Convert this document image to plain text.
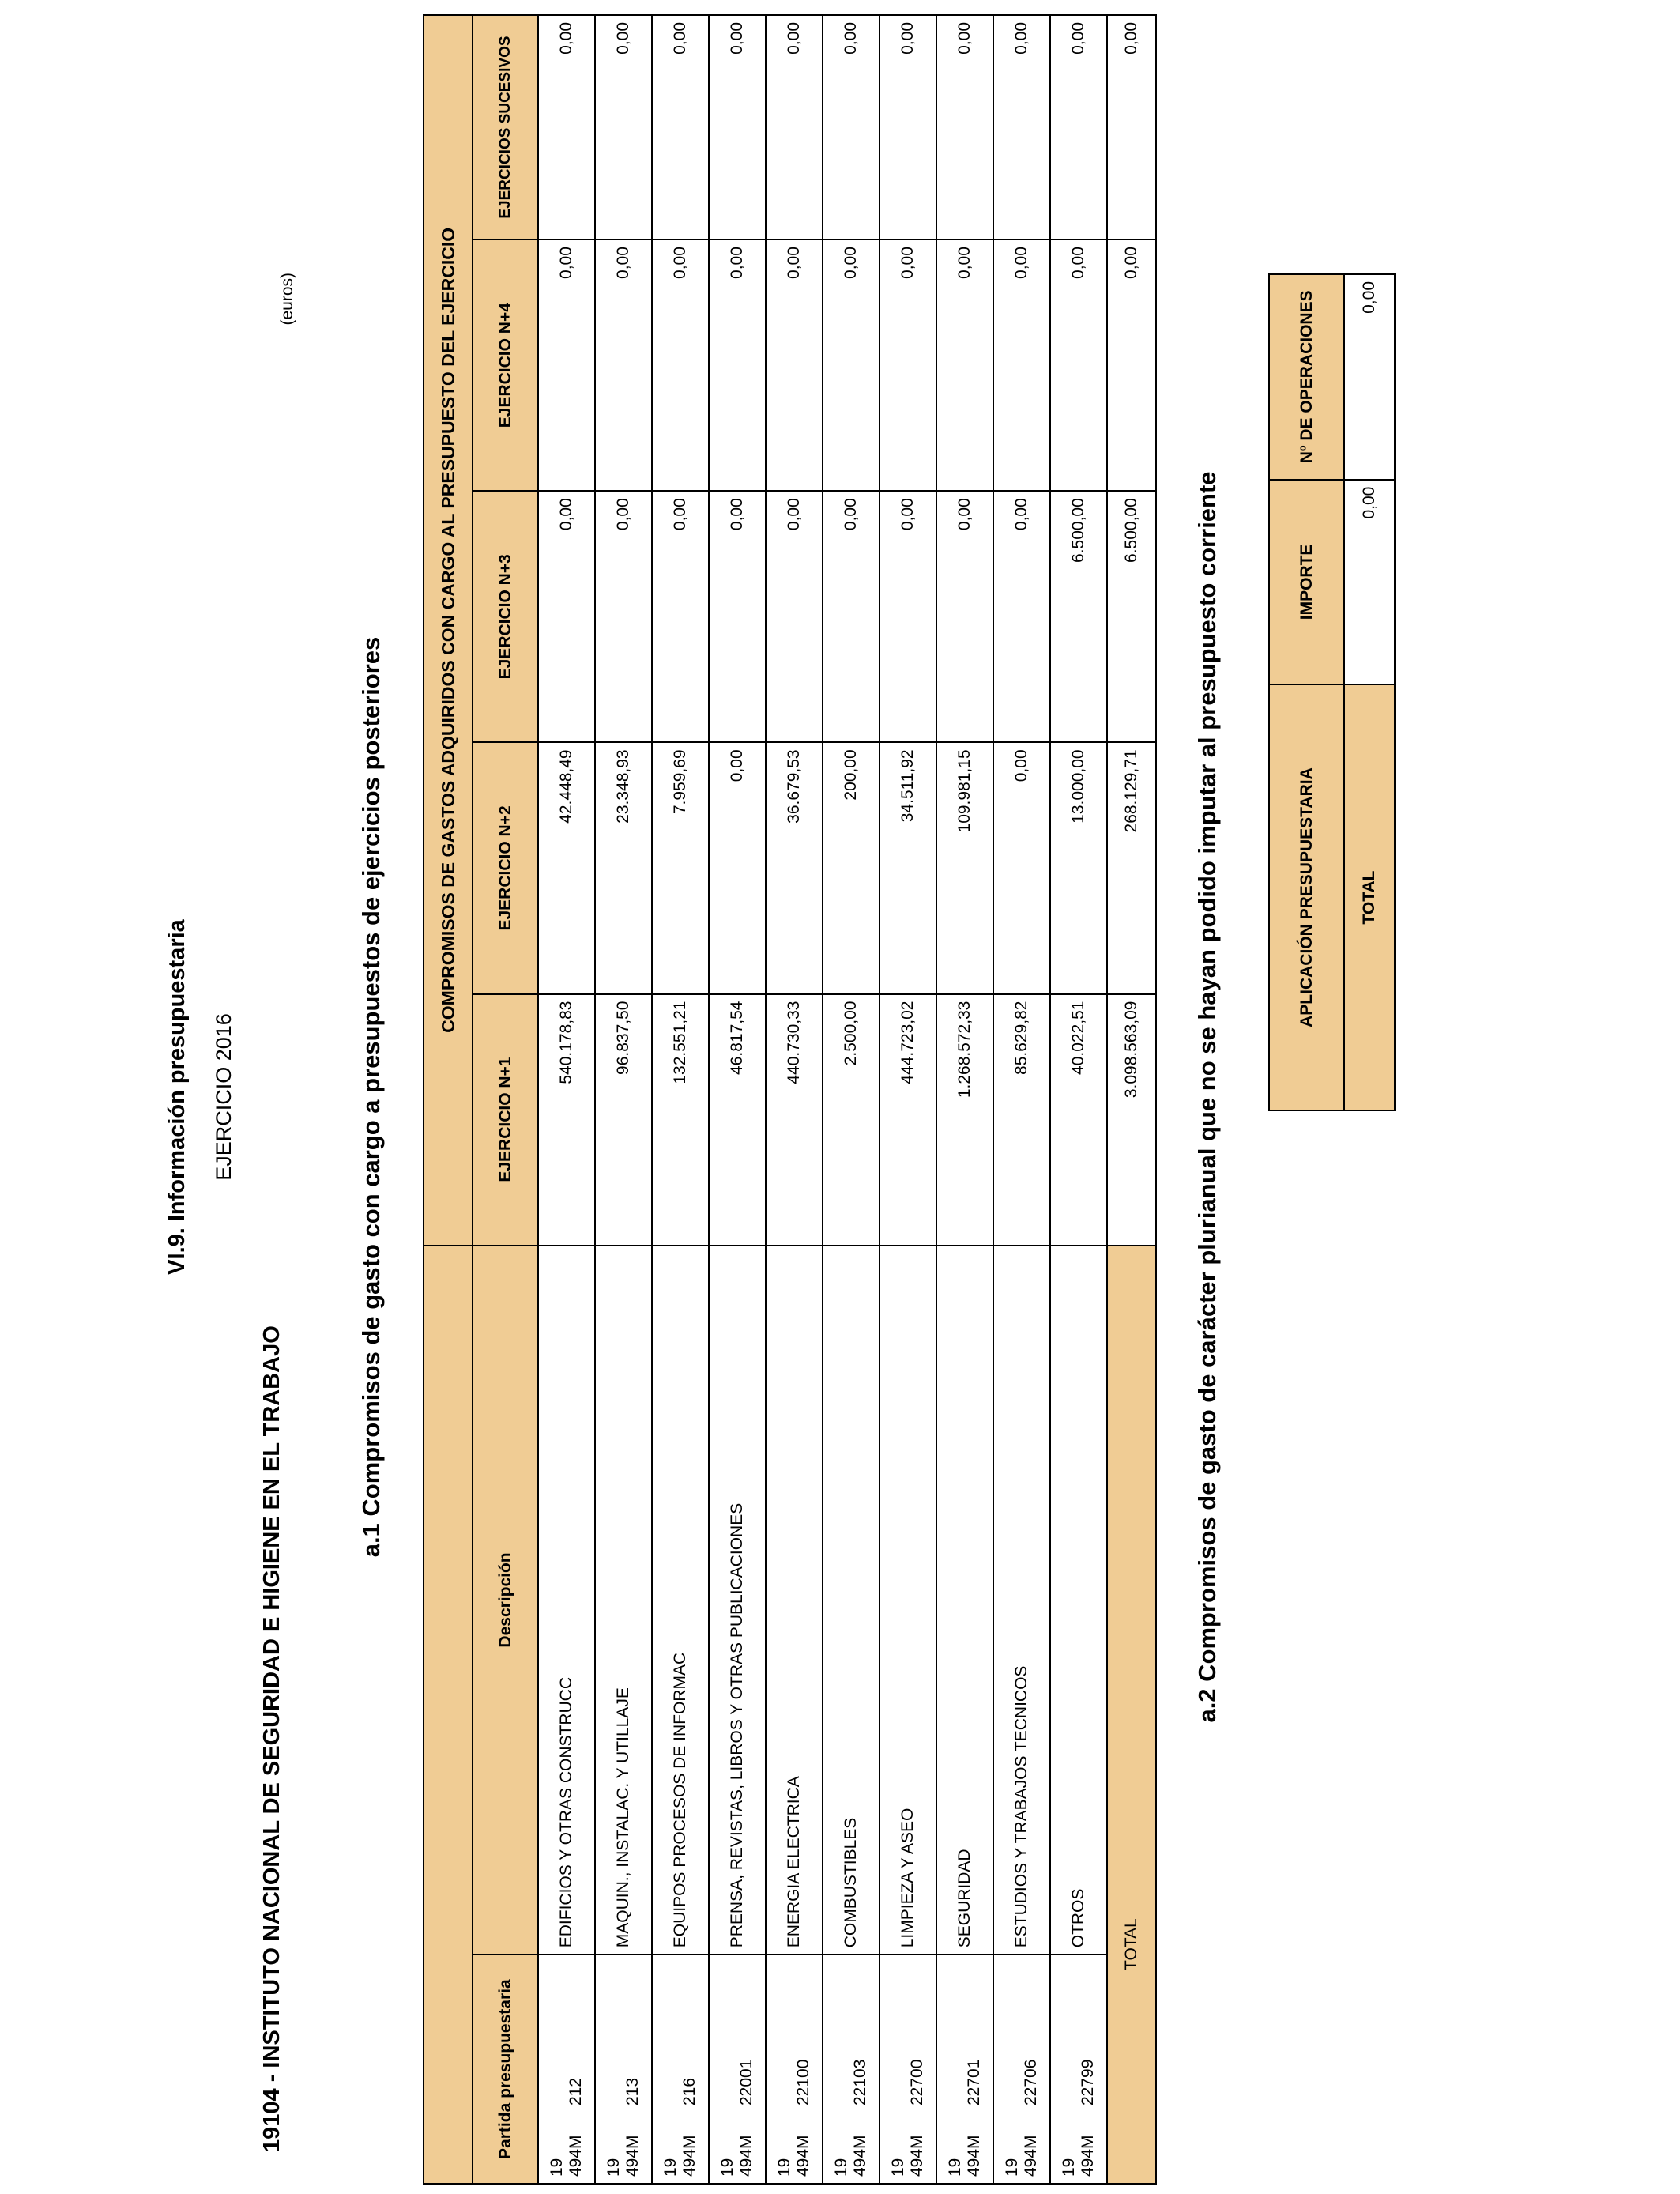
VI.9. Información presupuestaria EJERCICIO 2016
19104 - INSTITUTO NACIONAL DE SEGURIDAD E HIGIENE EN EL TRABAJO
(euros)
a.1 Compromisos de gasto con cargo a presupuestos de ejercicios posteriores
		COMPROMISOS DE GASTOS ADQUIRIDOS CON CARGO AL PRESUPUESTO DEL EJERCICIO				
Partida presupuestaria	Descripción	EJERCICIO N+1	EJERCICIO N+2	EJERCICIO N+3	EJERCICIO N+4	EJERCICIOS SUCESIVOS
19 494M212	EDIFICIOS Y OTRAS CONSTRUCC	540.178,83	42.448,49	0,00	0,00	0,00
19 494M213	MAQUIN., INSTALAC. Y UTILLAJE	96.837,50	23.348,93	0,00	0,00	0,00
19 494M216	EQUIPOS PROCESOS DE INFORMAC	132.551,21	7.959,69	0,00	0,00	0,00
19 494M22001	PRENSA, REVISTAS, LIBROS Y OTRAS PUBLICACIONES	46.817,54	0,00	0,00	0,00	0,00
19 494M22100	ENERGIA ELECTRICA	440.730,33	36.679,53	0,00	0,00	0,00
19 494M22103	COMBUSTIBLES	2.500,00	200,00	0,00	0,00	0,00
19 494M22700	LIMPIEZA Y ASEO	444.723,02	34.511,92	0,00	0,00	0,00
19 494M22701	SEGURIDAD	1.268.572,33	109.981,15	0,00	0,00	0,00
19 494M22706	ESTUDIOS Y TRABAJOS TECNICOS	85.629,82	0,00	0,00	0,00	0,00
19 494M22799	OTROS	40.022,51	13.000,00	6.500,00	0,00	0,00
TOTAL		3.098.563,09	268.129,71	6.500,00	0,00	0,00
a.2 Compromisos de gasto de carácter plurianual que no se hayan podido imputar al presupuesto corriente	APLICACIÓN PRESUPUESTARIA	IMPORTE	Nº DE OPERACIONES
TOTAL	0,00	0,00
